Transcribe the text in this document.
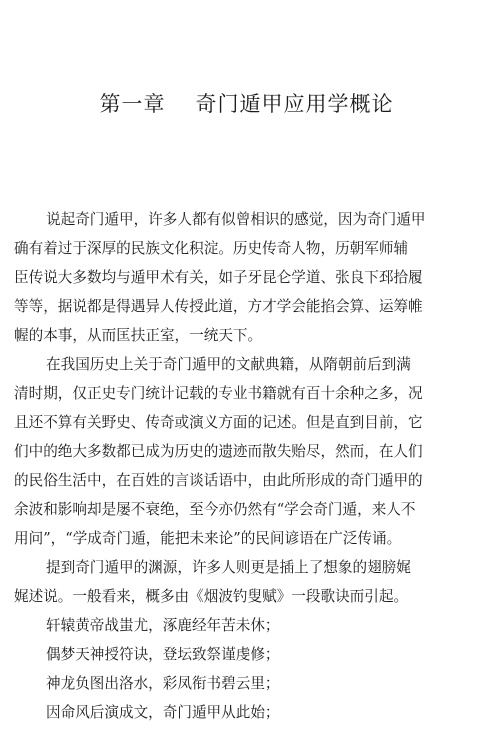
第一章 奇门遁甲应用学概论
说起奇门遁甲，许多人都有似曾相识的感觉，因为奇门遁甲
确有着过于深厚的民族文化积淀。历史传奇人物，历朝军师辅
臣传说大多数均与遁甲术有关，如子牙昆仑学道、张良下邳拾履
等等，据说都是得遇异人传授此道，方才学会能掐会算、运筹帷
幄的本事，从而匡扶正室，一统天下。
在我国历史上关于奇门遁甲的文献典籍，从隋朝前后到满
清时期，仅正史专门统计记载的专业书籍就有百十余种之多，况
且还不算有关野史、传奇或演义方面的记述。但是直到目前，它
们中的绝大多数都已成为历史的遗迹而散失贻尽，然而，在人们
的民俗生活中，在百姓的言谈话语中，由此所形成的奇门遁甲的
余波和影响却是屡不衰绝，至今亦仍然有“学会奇门遁，来人不
用问”，“学成奇门遁，能把未来论”的民间谚语在广泛传诵。
提到奇门遁甲的渊源，许多人则更是插上了想象的翅膀娓
娓述说。一般看来，概多由《烟波钓叟赋》一段歌诀而引起。
轩辕黄帝战蚩尤，涿鹿经年苦未休；
偶梦天神授符诀，登坛致祭谨虔修；
神龙负图出洛水，彩凤衔书碧云里；
因命风后演成文，奇门遁甲从此始；
